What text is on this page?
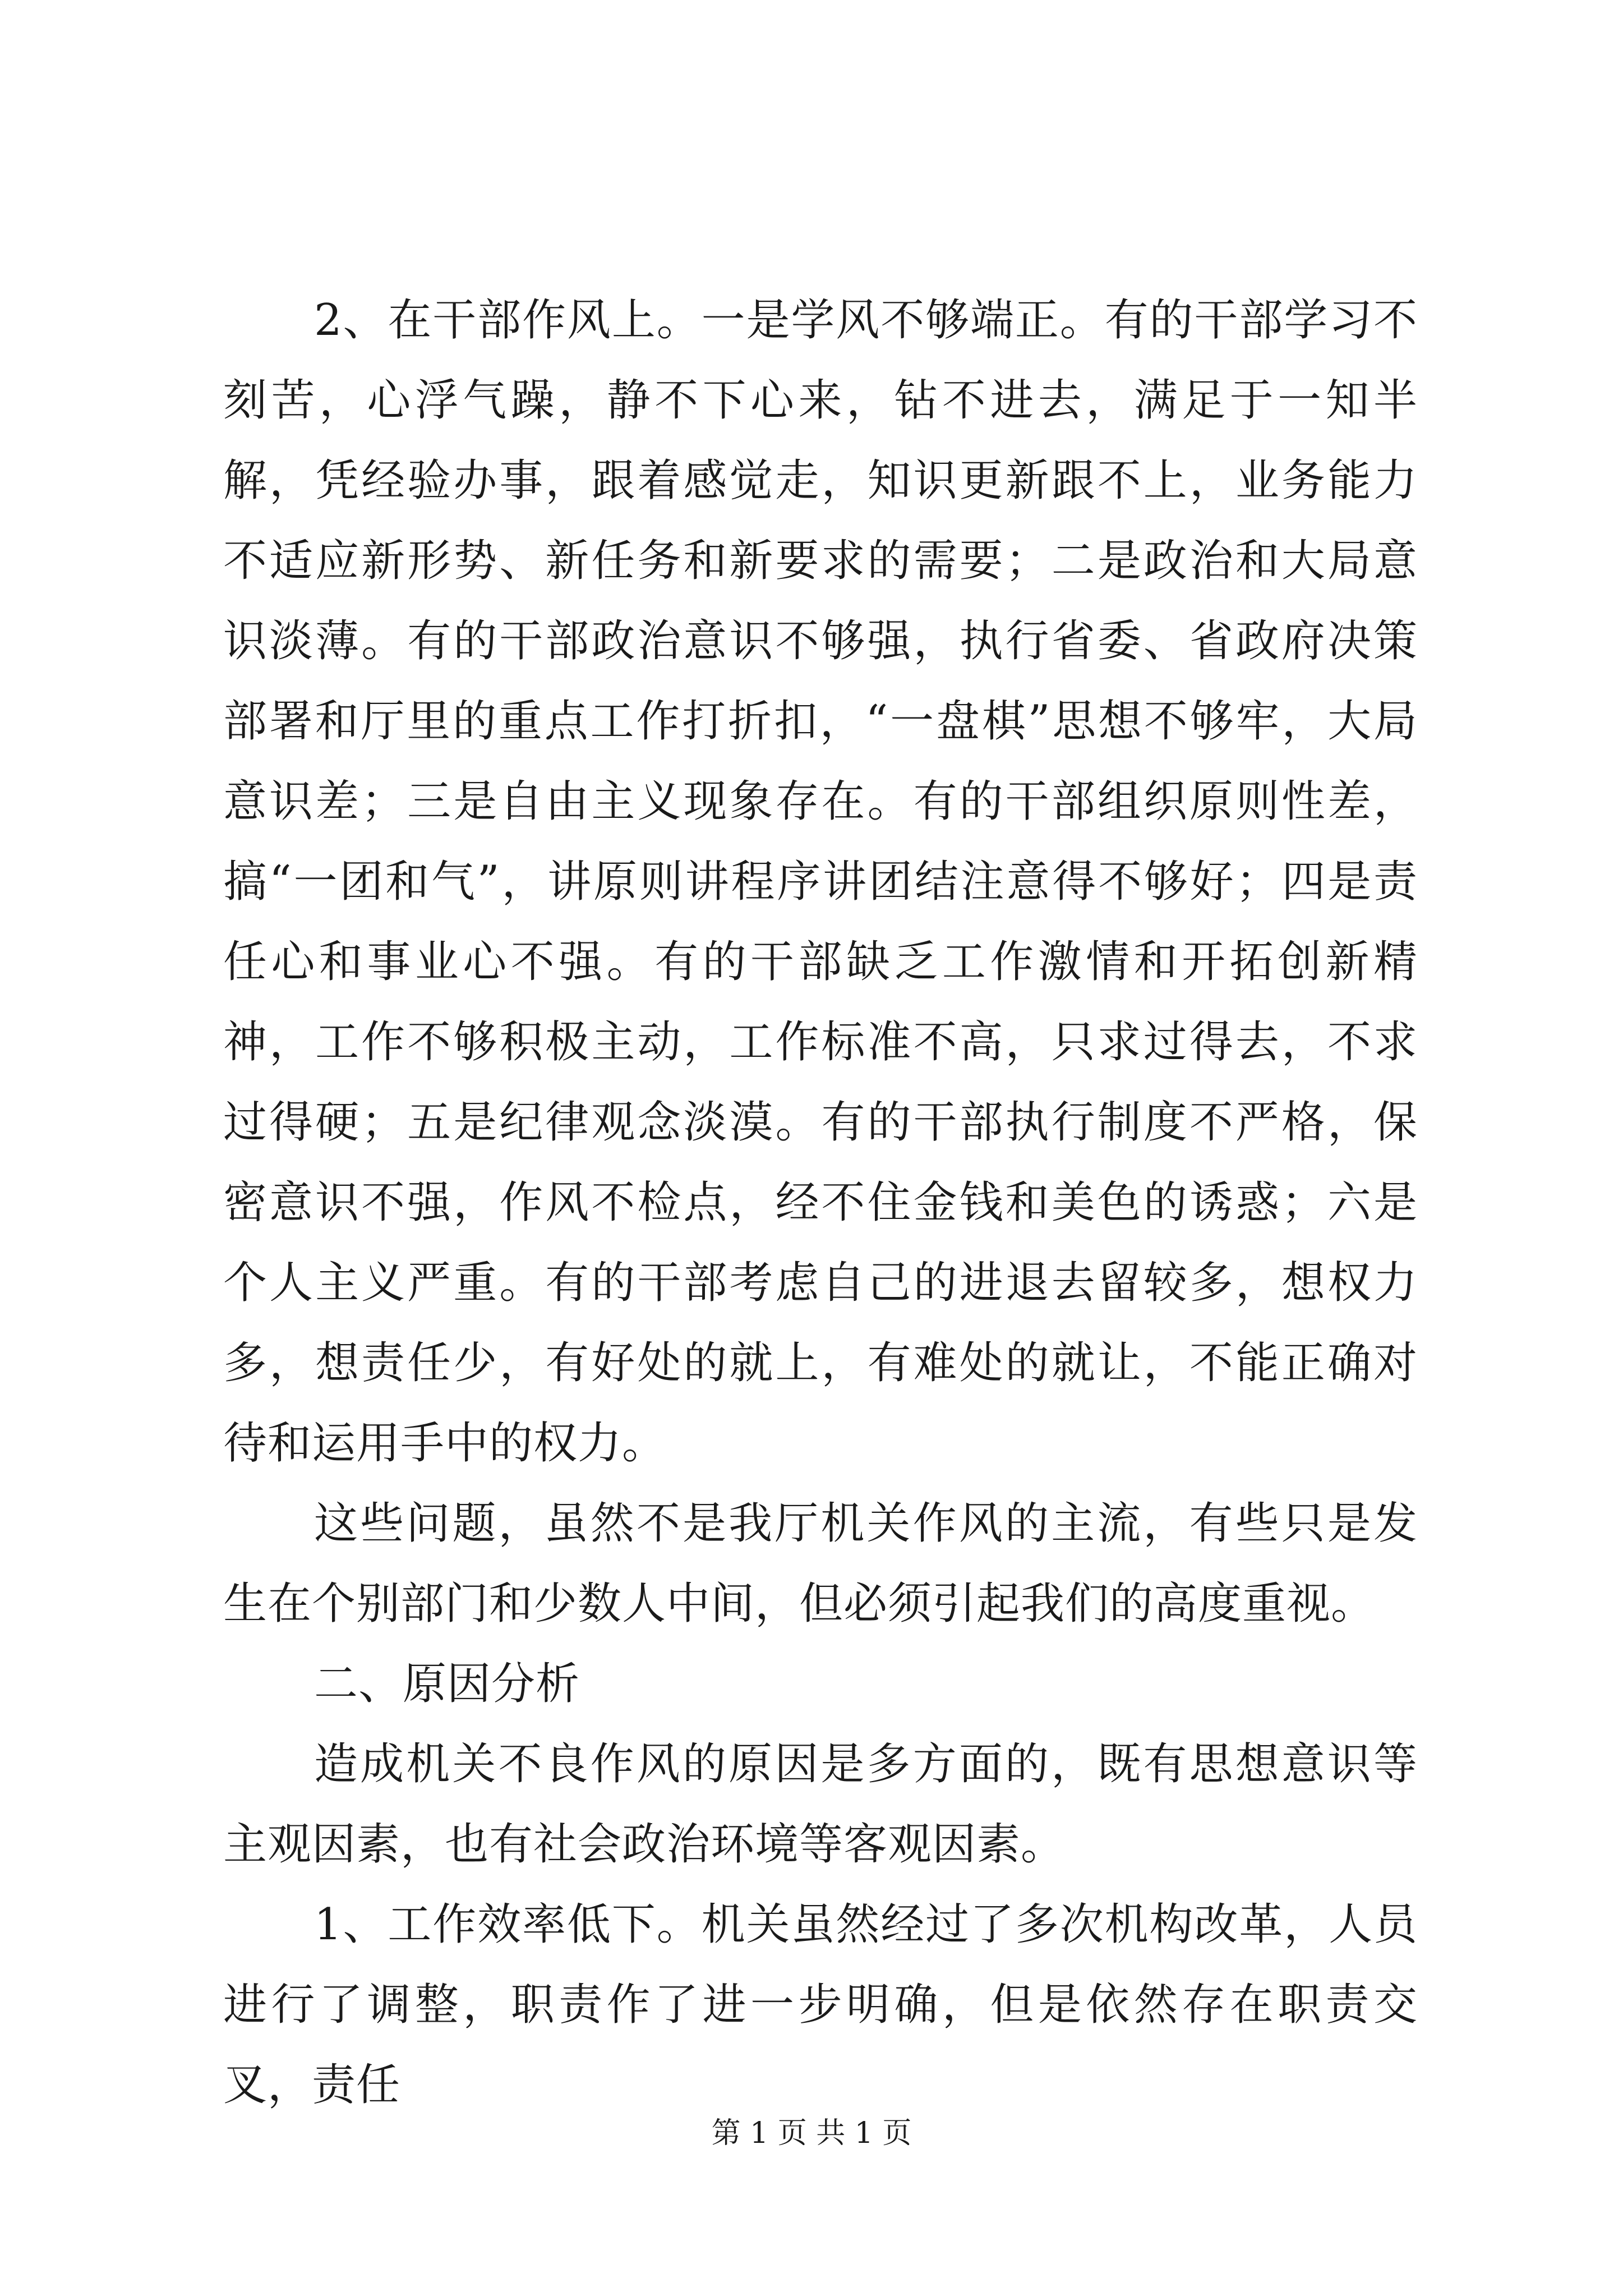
2、在干部作风上。一是学风不够端正。有的干部学习不刻苦，心浮气躁，静不下心来，钻不进去，满足于一知半解，凭经验办事，跟着感觉走，知识更新跟不上，业务能力不适应新形势、新任务和新要求的需要；二是政治和大局意识淡薄。有的干部政治意识不够强，执行省委、省政府决策部署和厅里的重点工作打折扣，“一盘棋”思想不够牢，大局意识差；三是自由主义现象存在。有的干部组织原则性差，搞“一团和气”，讲原则讲程序讲团结注意得不够好；四是责任心和事业心不强。有的干部缺乏工作激情和开拓创新精神，工作不够积极主动，工作标准不高，只求过得去，不求过得硬；五是纪律观念淡漠。有的干部执行制度不严格，保密意识不强，作风不检点，经不住金钱和美色的诱惑；六是个人主义严重。有的干部考虑自己的进退去留较多，想权力多，想责任少，有好处的就上，有难处的就让，不能正确对待和运用手中的权力。

这些问题，虽然不是我厅机关作风的主流，有些只是发生在个别部门和少数人中间，但必须引起我们的高度重视。

二、原因分析

造成机关不良作风的原因是多方面的，既有思想意识等主观因素，也有社会政治环境等客观因素。

1、工作效率低下。机关虽然经过了多次机构改革，人员进行了调整，职责作了进一步明确，但是依然存在职责交叉，责任

第 1 页 共 1 页
